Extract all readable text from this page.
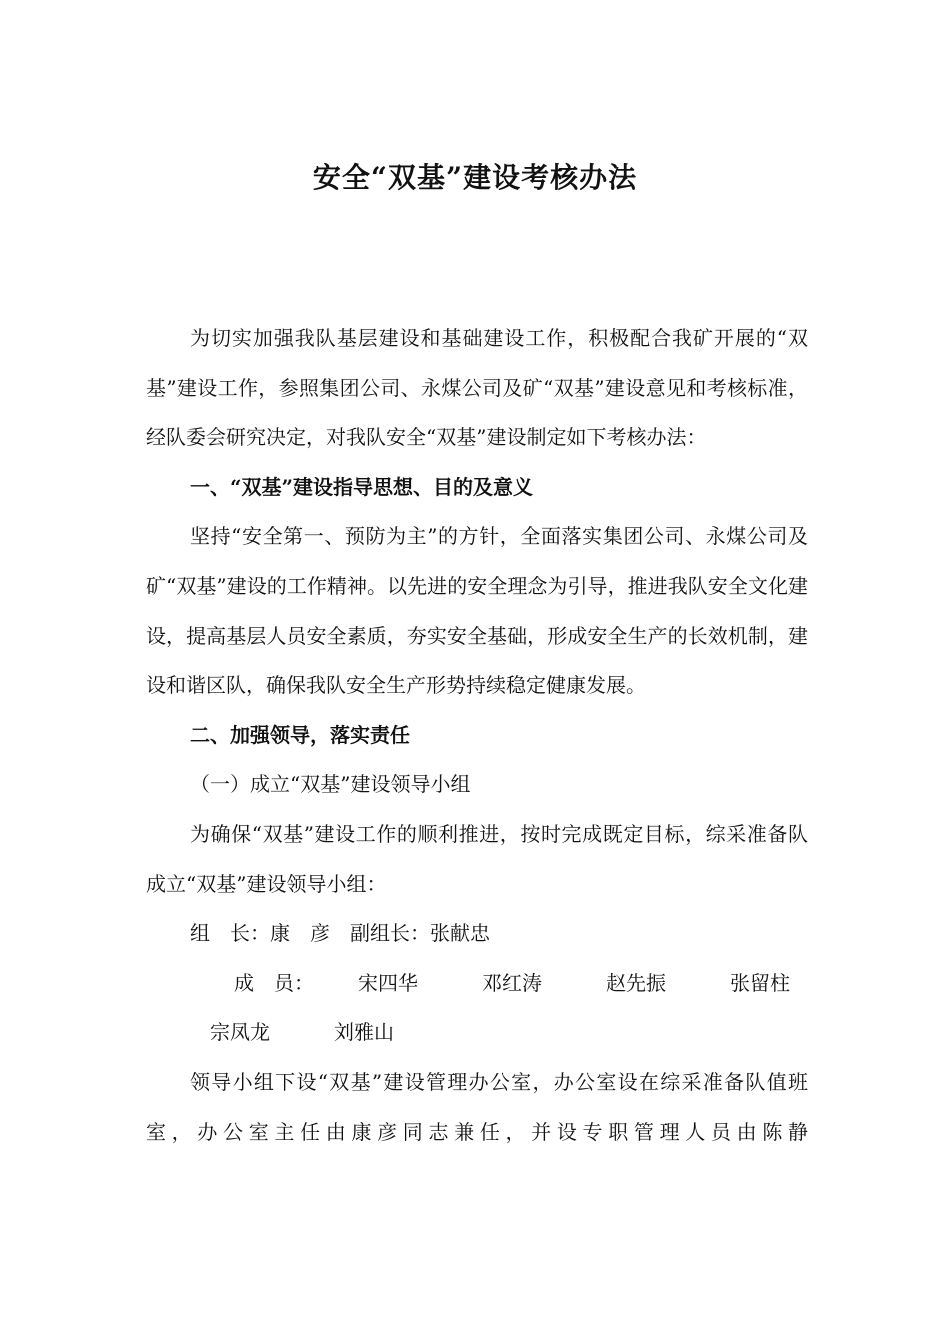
安全“双基”建设考核办法

为切实加强我队基层建设和基础建设工作，积极配合我矿开展的“双基”建设工作，参照集团公司、永煤公司及矿“双基”建设意见和考核标准，经队委会研究决定，对我队安全“双基”建设制定如下考核办法：

一、“双基”建设指导思想、目的及意义

坚持“安全第一、预防为主”的方针，全面落实集团公司、永煤公司及矿“双基”建设的工作精神。以先进的安全理念为引导，推进我队安全文化建设，提高基层人员安全素质，夯实安全基础，形成安全生产的长效机制，建设和谐区队，确保我队安全生产形势持续稳定健康发展。

二、加强领导，落实责任

（一）成立“双基”建设领导小组

为确保“双基”建设工作的顺利推进，按时完成既定目标，综采准备队成立“双基”建设领导小组：

组　长：康　彦　副组长：张献忠

成　员： 宋四华	邓红涛	赵先振	张留柱宗凤龙	刘雅山

领导小组下设“双基”建设管理办公室，办公室设在综采准备队值班室，办公室主任由康彦同志兼任，并设专职管理人员由陈静
